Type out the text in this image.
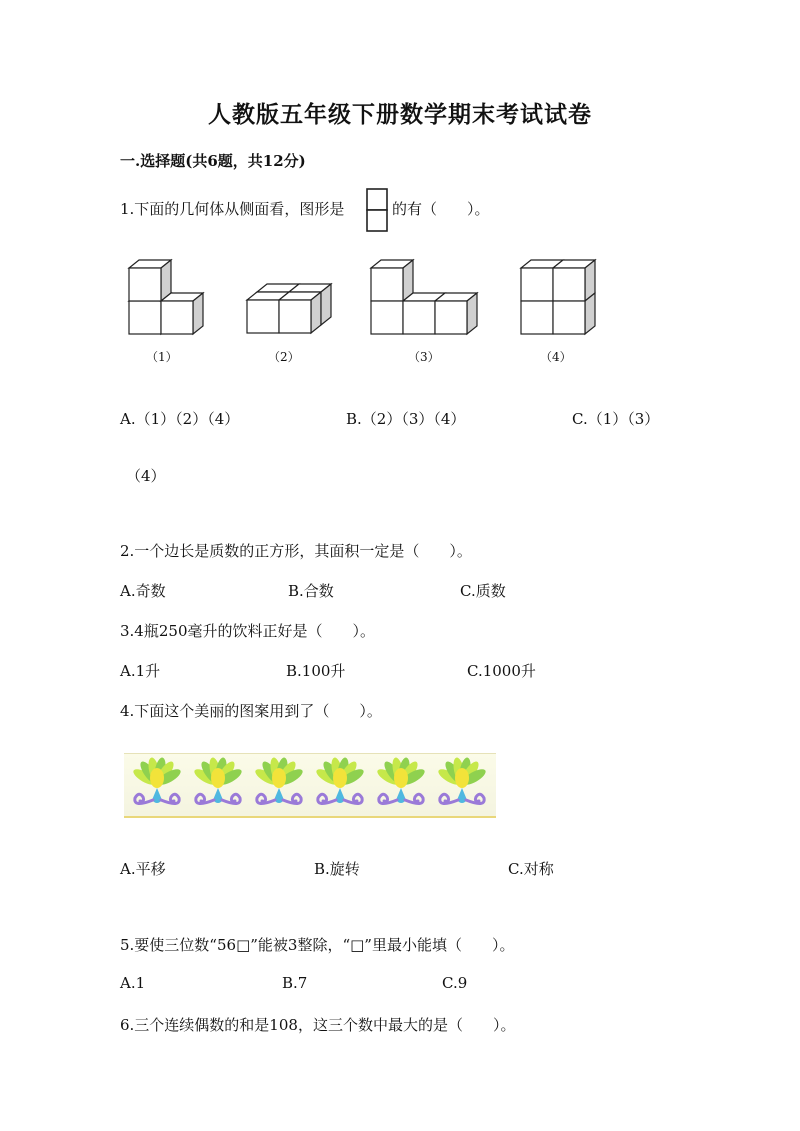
人教版五年级下册数学期末考试试卷
一.选择题(共6题，共12分)
1.下面的几何体从侧面看，图形是	的有（　　）。
（1）	（2）	（3）	（4）
A.（1）（2）（4）	B.（2）（3）（4）	C.（1）（3）
（4）
2.一个边长是质数的正方形，其面积一定是（　　）。
A.奇数	B.合数	C.质数
3.4瓶250毫升的饮料正好是（　　）。
A.1升	B.100升	C.1000升
4.下面这个美丽的图案用到了（　　）。
A.平移	B.旋转	C.对称
5.要使三位数“56□”能被3整除，“□”里最小能填（　　）。
A.1	B.7	C.9
6.三个连续偶数的和是108，这三个数中最大的是（　　）。
